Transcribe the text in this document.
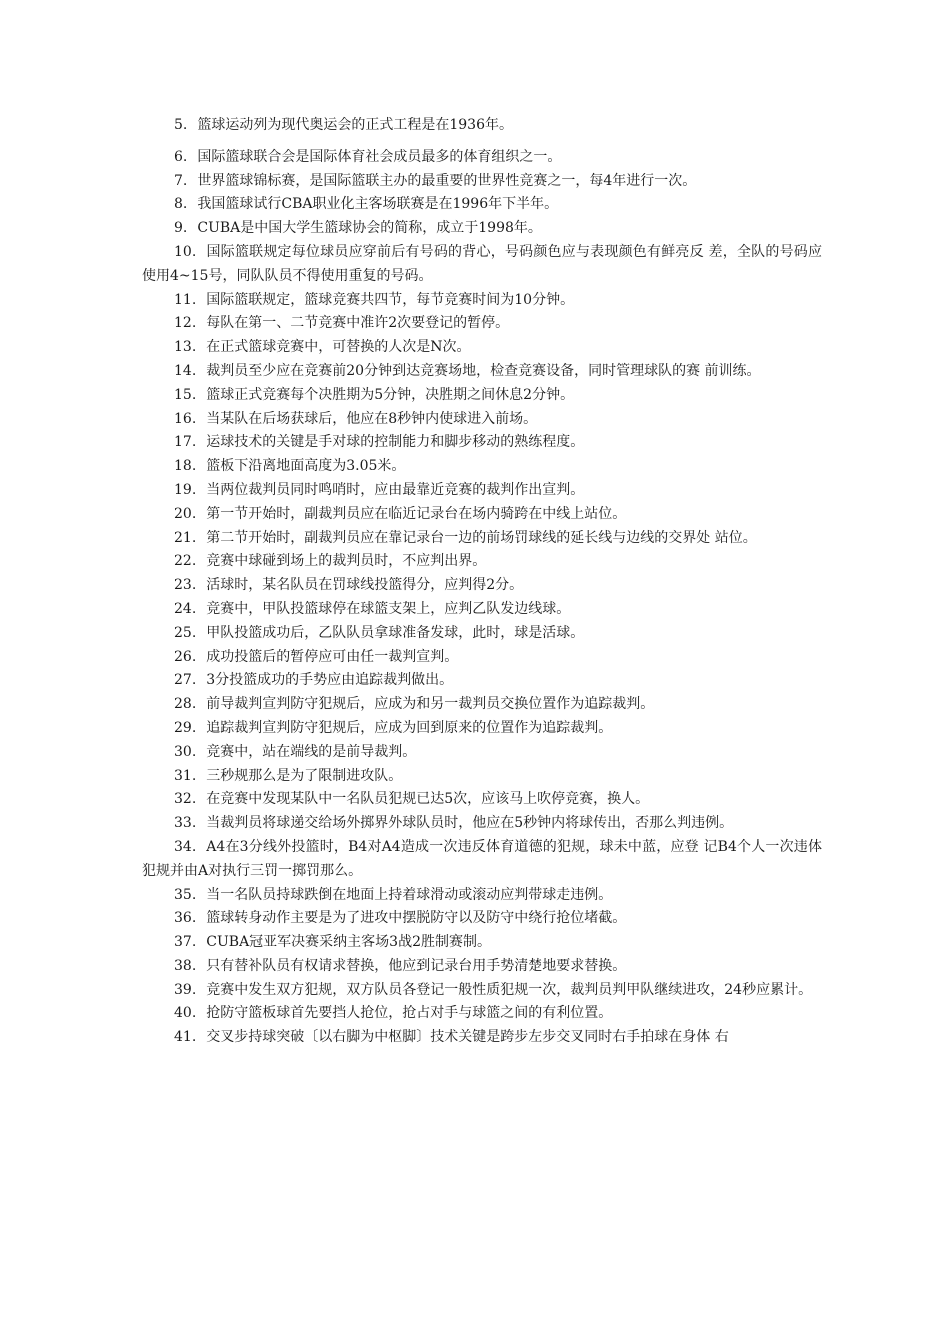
5. 篮球运动列为现代奥运会的正式工程是在1936年。

6. 国际篮球联合会是国际体育社会成员最多的体育组织之一。

7. 世界篮球锦标赛，是国际篮联主办的最重要的世界性竞赛之一，每4年进行一次。

8. 我国篮球试行CBA职业化主客场联赛是在1996年下半年。

9. CUBA是中国大学生篮球协会的简称，成立于1998年。

10. 国际篮联规定每位球员应穿前后有号码的背心，号码颜色应与表现颜色有鲜亮反 差，全队的号码应使用4~15号，同队队员不得使用重复的号码。

11. 国际篮联规定，篮球竞赛共四节，每节竞赛时间为10分钟。

12. 每队在第一、二节竞赛中准许2次要登记的暂停。

13. 在正式篮球竞赛中，可替换的人次是N次。

14. 裁判员至少应在竞赛前20分钟到达竞赛场地，检查竞赛设备，同时管理球队的赛 前训练。

15. 篮球正式竞赛每个决胜期为5分钟，决胜期之间休息2分钟。

16. 当某队在后场获球后，他应在8秒钟内使球进入前场。

17. 运球技术的关键是手对球的控制能力和脚步移动的熟练程度。

18. 篮板下沿离地面高度为3.05米。

19. 当两位裁判员同时鸣哨时，应由最靠近竞赛的裁判作出宣判。

20. 第一节开始时，副裁判员应在临近记录台在场内骑跨在中线上站位。

21. 第二节开始时，副裁判员应在靠记录台一边的前场罚球线的延长线与边线的交界处 站位。

22. 竞赛中球碰到场上的裁判员时，不应判出界。

23. 活球时，某名队员在罚球线投篮得分，应判得2分。

24. 竞赛中，甲队投篮球停在球篮支架上，应判乙队发边线球。

25. 甲队投篮成功后，乙队队员拿球准备发球，此时，球是活球。

26. 成功投篮后的暂停应可由任一裁判宣判。

27. 3分投篮成功的手势应由追踪裁判做出。

28. 前导裁判宣判防守犯规后，应成为和另一裁判员交换位置作为追踪裁判。

29. 追踪裁判宣判防守犯规后，应成为回到原来的位置作为追踪裁判。

30. 竞赛中，站在端线的是前导裁判。

31. 三秒规那么是为了限制进攻队。

32. 在竞赛中发现某队中一名队员犯规已达5次，应该马上吹停竞赛，换人。

33. 当裁判员将球递交给场外掷界外球队员时，他应在5秒钟内将球传出，否那么判违例。

34. A4在3分线外投篮时，B4对A4造成一次违反体育道德的犯规，球未中蓝，应登 记B4个人一次违体犯规并由A对执行三罚一掷罚那么。

35. 当一名队员持球跌倒在地面上持着球滑动或滚动应判带球走违例。

36. 篮球转身动作主要是为了进攻中摆脱防守以及防守中绕行抢位堵截。

37. CUBA冠亚军决赛采纳主客场3战2胜制赛制。

38. 只有替补队员有权请求替换，他应到记录台用手势清楚地要求替换。

39. 竞赛中发生双方犯规，双方队员各登记一般性质犯规一次，裁判员判甲队继续进攻，24秒应累计。

40. 抢防守篮板球首先要挡人抢位，抢占对手与球篮之间的有利位置。

41. 交叉步持球突破〔以右脚为中枢脚〕技术关键是跨步左步交叉同时右手拍球在身体 右
